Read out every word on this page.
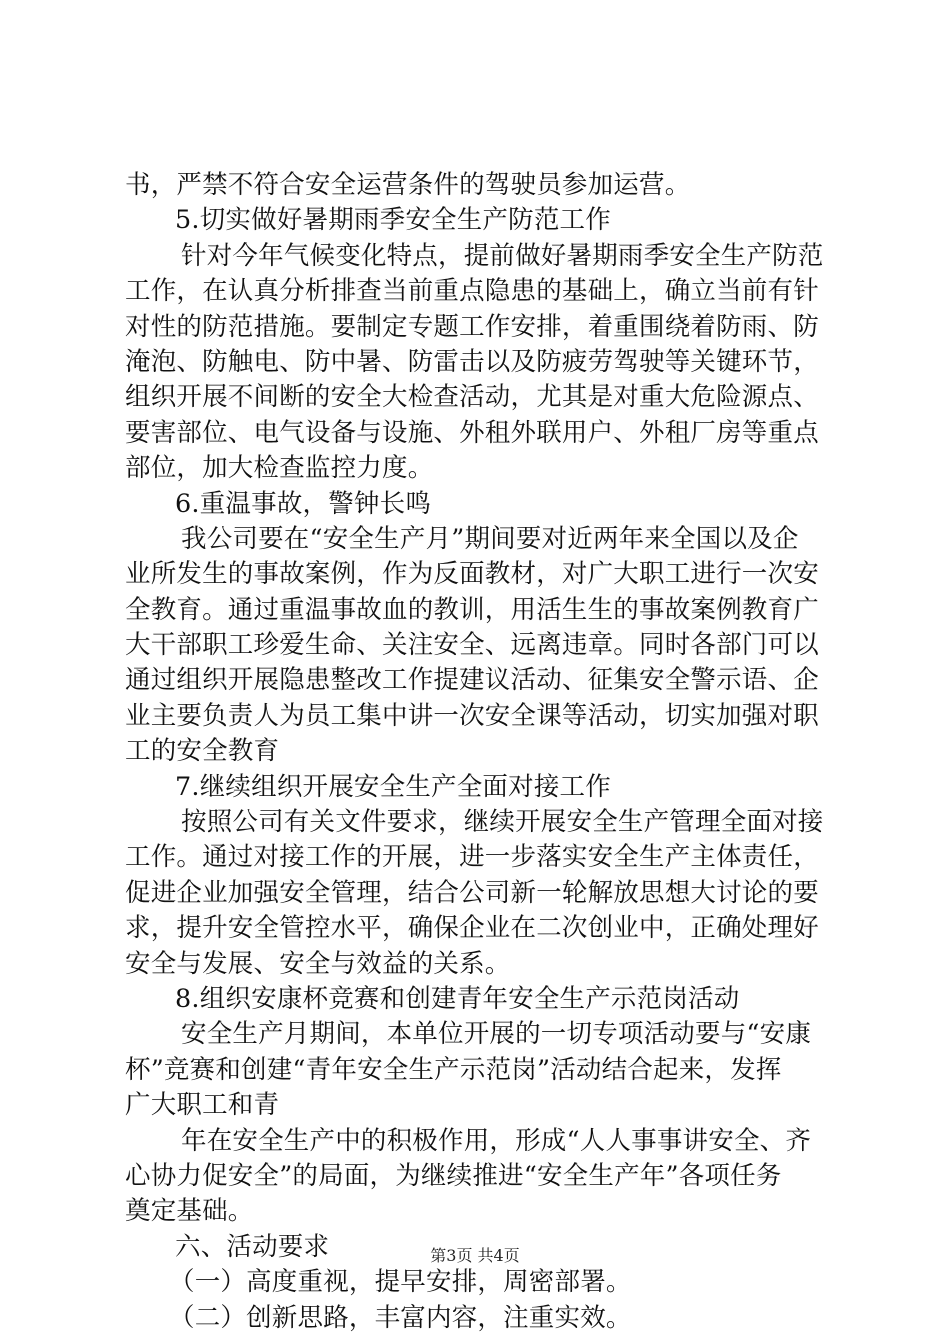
书，严禁不符合安全运营条件的驾驶员参加运营。
5.切实做好暑期雨季安全生产防范工作
针对今年气候变化特点，提前做好暑期雨季安全生产防范
工作，在认真分析排查当前重点隐患的基础上，确立当前有针
对性的防范措施。要制定专题工作安排，着重围绕着防雨、防
淹泡、防触电、防中暑、防雷击以及防疲劳驾驶等关键环节，
组织开展不间断的安全大检查活动，尤其是对重大危险源点、
要害部位、电气设备与设施、外租外联用户、外租厂房等重点
部位，加大检查监控力度。
6.重温事故，警钟长鸣
我公司要在“安全生产月”期间要对近两年来全国以及企
业所发生的事故案例，作为反面教材，对广大职工进行一次安
全教育。通过重温事故血的教训，用活生生的事故案例教育广
大干部职工珍爱生命、关注安全、远离违章。同时各部门可以
通过组织开展隐患整改工作提建议活动、征集安全警示语、企
业主要负责人为员工集中讲一次安全课等活动，切实加强对职
工的安全教育
7.继续组织开展安全生产全面对接工作
按照公司有关文件要求，继续开展安全生产管理全面对接
工作。通过对接工作的开展，进一步落实安全生产主体责任，
促进企业加强安全管理，结合公司新一轮解放思想大讨论的要
求，提升安全管控水平，确保企业在二次创业中，正确处理好
安全与发展、安全与效益的关系。
8.组织安康杯竞赛和创建青年安全生产示范岗活动
安全生产月期间，本单位开展的一切专项活动要与“安康
杯”竞赛和创建“青年安全生产示范岗”活动结合起来，发挥
广大职工和青
年在安全生产中的积极作用，形成“人人事事讲安全、齐
心协力促安全”的局面，为继续推进“安全生产年”各项任务
奠定基础。
六、活动要求
（一）高度重视，提早安排，周密部署。
（二）创新思路，丰富内容，注重实效。
第3页 共4页
